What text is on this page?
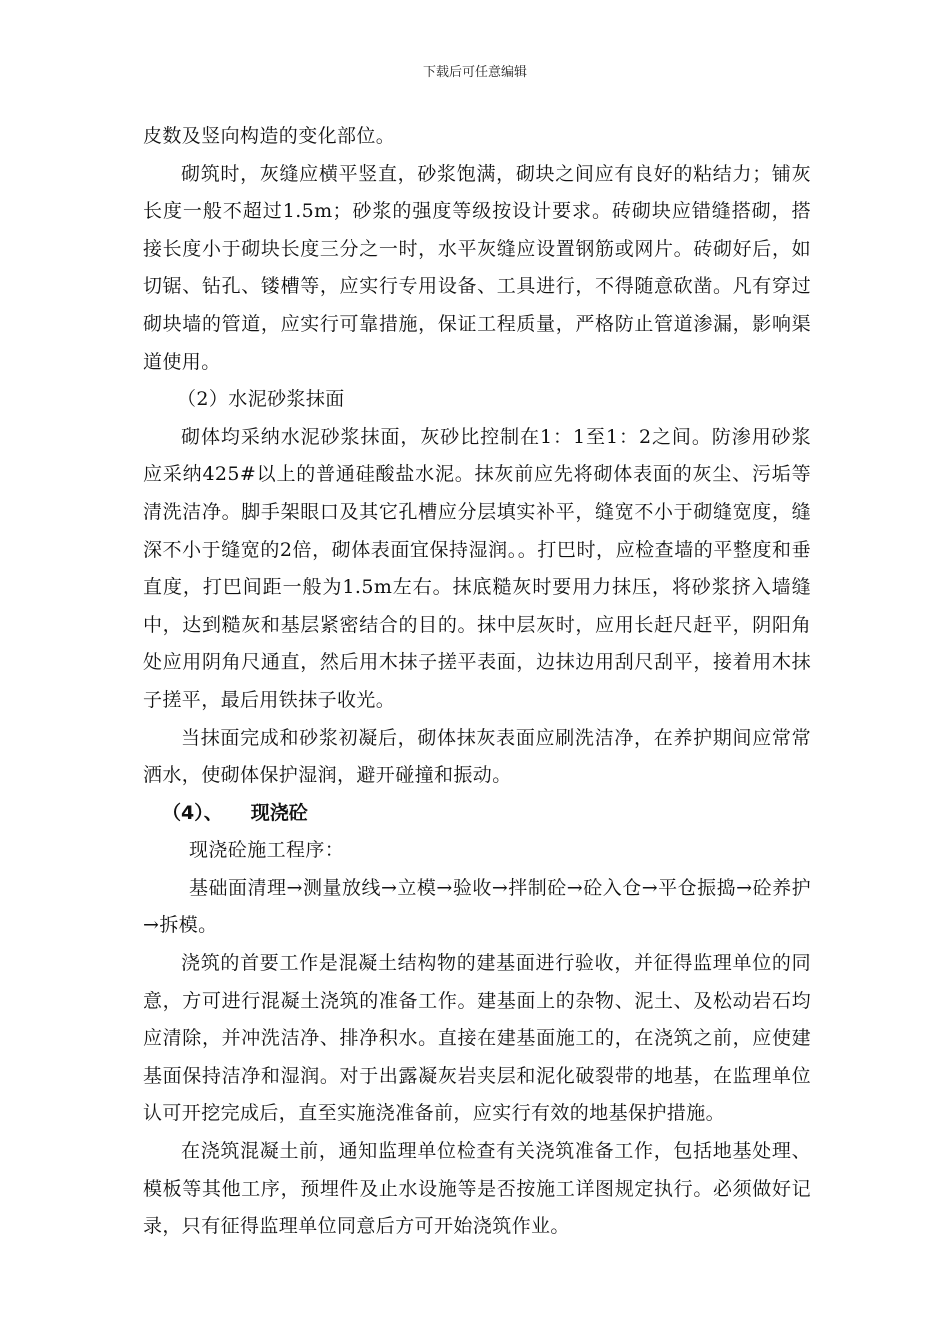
下载后可任意编辑

皮数及竖向构造的变化部位。

砌筑时，灰缝应横平竖直，砂浆饱满，砌块之间应有良好的粘结力；铺灰长度一般不超过1.5m；砂浆的强度等级按设计要求。砖砌块应错缝搭砌，搭接长度小于砌块长度三分之一时，水平灰缝应设置钢筋或网片。砖砌好后，如切锯、钻孔、镂槽等，应实行专用设备、工具进行，不得随意砍凿。凡有穿过砌块墙的管道，应实行可靠措施，保证工程质量，严格防止管道渗漏，影响渠道使用。

（2）水泥砂浆抹面

砌体均采纳水泥砂浆抹面，灰砂比控制在1：1至1：2之间。防渗用砂浆应采纳425#以上的普通硅酸盐水泥。抹灰前应先将砌体表面的灰尘、污垢等清洗洁净。脚手架眼口及其它孔槽应分层填实补平，缝宽不小于砌缝宽度，缝深不小于缝宽的2倍，砌体表面宜保持湿润。。打巴时，应检查墙的平整度和垂直度，打巴间距一般为1.5m左右。抹底糙灰时要用力抹压，将砂浆挤入墙缝中，达到糙灰和基层紧密结合的目的。抹中层灰时，应用长赶尺赶平，阴阳角处应用阴角尺通直，然后用木抹子搓平表面，边抹边用刮尺刮平，接着用木抹子搓平，最后用铁抹子收光。

当抹面完成和砂浆初凝后，砌体抹灰表面应刷洗洁净，在养护期间应常常洒水，使砌体保护湿润，避开碰撞和振动。

（4）、 现浇砼

现浇砼施工程序：

基础面清理→测量放线→立模→验收→拌制砼→砼入仓→平仓振捣→砼养护→拆模。

浇筑的首要工作是混凝土结构物的建基面进行验收，并征得监理单位的同意，方可进行混凝土浇筑的准备工作。建基面上的杂物、泥土、及松动岩石均应清除，并冲洗洁净、排净积水。直接在建基面施工的，在浇筑之前，应使建基面保持洁净和湿润。对于出露凝灰岩夹层和泥化破裂带的地基，在监理单位认可开挖完成后，直至实施浇准备前，应实行有效的地基保护措施。

在浇筑混凝土前，通知监理单位检查有关浇筑准备工作，包括地基处理、模板等其他工序，预埋件及止水设施等是否按施工详图规定执行。必须做好记录，只有征得监理单位同意后方可开始浇筑作业。
